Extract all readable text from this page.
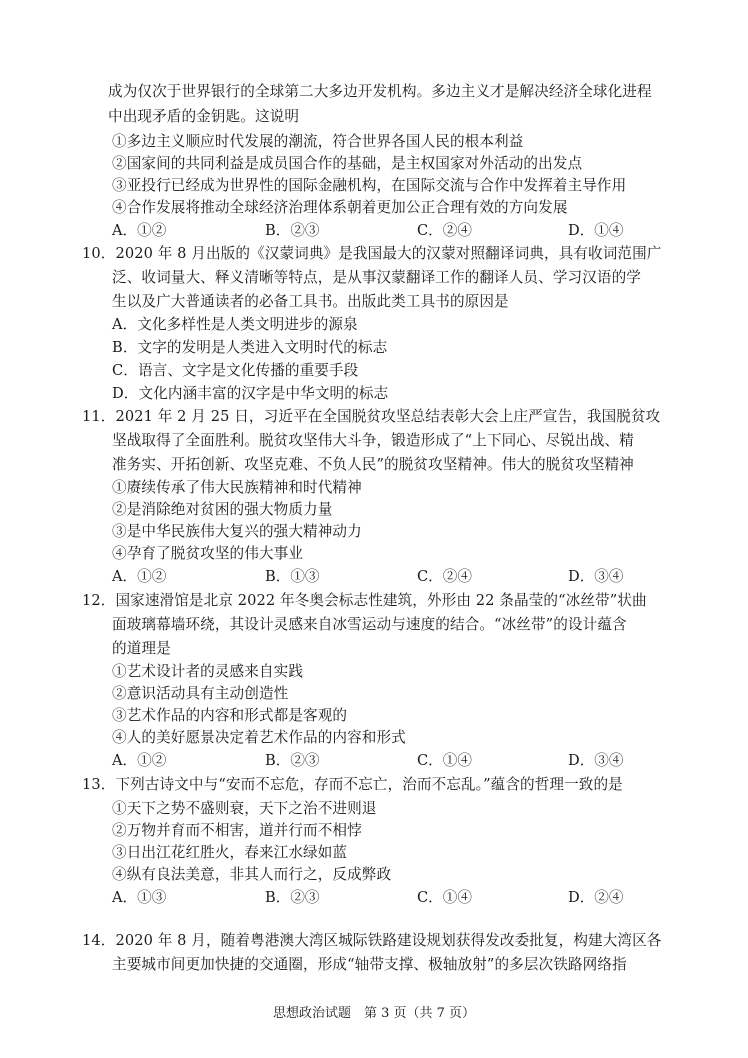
成为仅次于世界银行的全球第二大多边开发机构。多边主义才是解决经济全球化进程
中出现矛盾的金钥匙。这说明
①多边主义顺应时代发展的潮流，符合世界各国人民的根本利益
②国家间的共同利益是成员国合作的基础，是主权国家对外活动的出发点
③亚投行已经成为世界性的国际金融机构，在国际交流与合作中发挥着主导作用
④合作发展将推动全球经济治理体系朝着更加公正合理有效的方向发展
A．①②	B．②③	C．②④	D．①④
10．2020 年 8 月出版的《汉蒙词典》是我国最大的汉蒙对照翻译词典，具有收词范围广
泛、收词量大、释义清晰等特点，是从事汉蒙翻译工作的翻译人员、学习汉语的学
生以及广大普通读者的必备工具书。出版此类工具书的原因是
A．文化多样性是人类文明进步的源泉
B．文字的发明是人类进入文明时代的标志
C．语言、文字是文化传播的重要手段
D．文化内涵丰富的汉字是中华文明的标志
11．2021 年 2 月 25 日，习近平在全国脱贫攻坚总结表彰大会上庄严宣告，我国脱贫攻
坚战取得了全面胜利。脱贫攻坚伟大斗争，锻造形成了“上下同心、尽锐出战、精
准务实、开拓创新、攻坚克难、不负人民”的脱贫攻坚精神。伟大的脱贫攻坚精神
①赓续传承了伟大民族精神和时代精神
②是消除绝对贫困的强大物质力量
③是中华民族伟大复兴的强大精神动力
④孕育了脱贫攻坚的伟大事业
A．①②	B．①③	C．②④	D．③④
12．国家速滑馆是北京 2022 年冬奥会标志性建筑，外形由 22 条晶莹的“冰丝带”状曲
面玻璃幕墙环绕，其设计灵感来自冰雪运动与速度的结合。“冰丝带”的设计蕴含
的道理是
①艺术设计者的灵感来自实践
②意识活动具有主动创造性
③艺术作品的内容和形式都是客观的
④人的美好愿景决定着艺术作品的内容和形式
A．①②	B．②③	C．①④	D．③④
13．下列古诗文中与“安而不忘危，存而不忘亡，治而不忘乱。”蕴含的哲理一致的是
①天下之势不盛则衰，天下之治不进则退
②万物并育而不相害，道并行而不相悖
③日出江花红胜火，春来江水绿如蓝
④纵有良法美意，非其人而行之，反成弊政
A．①③	B．②③	C．①④	D．②④
14．2020 年 8 月，随着粤港澳大湾区城际铁路建设规划获得发改委批复，构建大湾区各
主要城市间更加快捷的交通圈，形成“轴带支撑、极轴放射”的多层次铁路网络指
思想政治试题　第 3 页（共 7 页）
